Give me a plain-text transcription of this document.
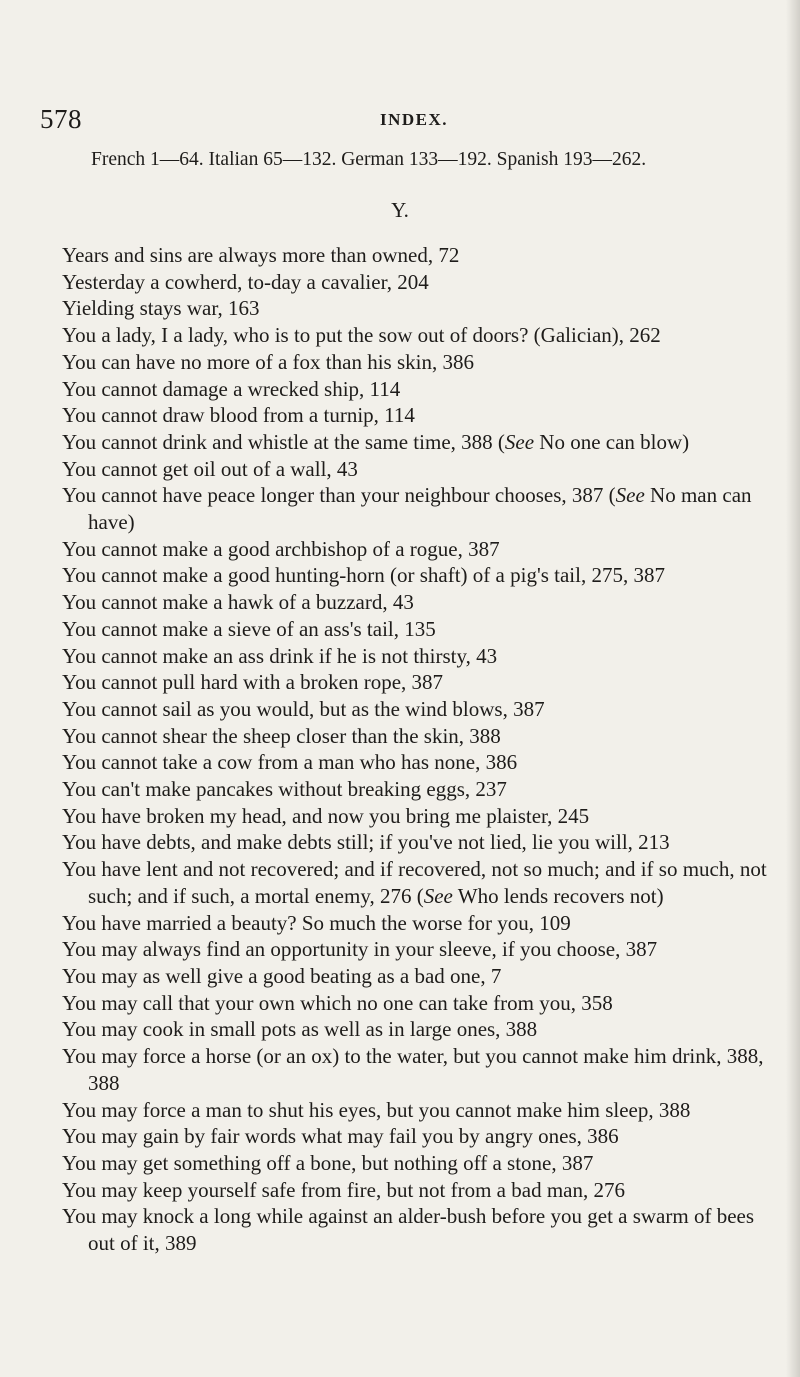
578	INDEX.
French 1—64. Italian 65—132. German 133—192. Spanish 193—262.
Y.
Years and sins are always more than owned, 72
Yesterday a cowherd, to-day a cavalier, 204
Yielding stays war, 163
You a lady, I a lady, who is to put the sow out of doors? (Galician), 262
You can have no more of a fox than his skin, 386
You cannot damage a wrecked ship, 114
You cannot draw blood from a turnip, 114
You cannot drink and whistle at the same time, 388 (See No one can blow)
You cannot get oil out of a wall, 43
You cannot have peace longer than your neighbour chooses, 387 (See No man can have)
You cannot make a good archbishop of a rogue, 387
You cannot make a good hunting-horn (or shaft) of a pig's tail, 275, 387
You cannot make a hawk of a buzzard, 43
You cannot make a sieve of an ass's tail, 135
You cannot make an ass drink if he is not thirsty, 43
You cannot pull hard with a broken rope, 387
You cannot sail as you would, but as the wind blows, 387
You cannot shear the sheep closer than the skin, 388
You cannot take a cow from a man who has none, 386
You can't make pancakes without breaking eggs, 237
You have broken my head, and now you bring me plaister, 245
You have debts, and make debts still; if you've not lied, lie you will, 213
You have lent and not recovered; and if recovered, not so much; and if so much, not such; and if such, a mortal enemy, 276 (See Who lends recovers not)
You have married a beauty? So much the worse for you, 109
You may always find an opportunity in your sleeve, if you choose, 387
You may as well give a good beating as a bad one, 7
You may call that your own which no one can take from you, 358
You may cook in small pots as well as in large ones, 388
You may force a horse (or an ox) to the water, but you cannot make him drink, 388, 388
You may force a man to shut his eyes, but you cannot make him sleep, 388
You may gain by fair words what may fail you by angry ones, 386
You may get something off a bone, but nothing off a stone, 387
You may keep yourself safe from fire, but not from a bad man, 276
You may knock a long while against an alder-bush before you get a swarm of bees out of it, 389
